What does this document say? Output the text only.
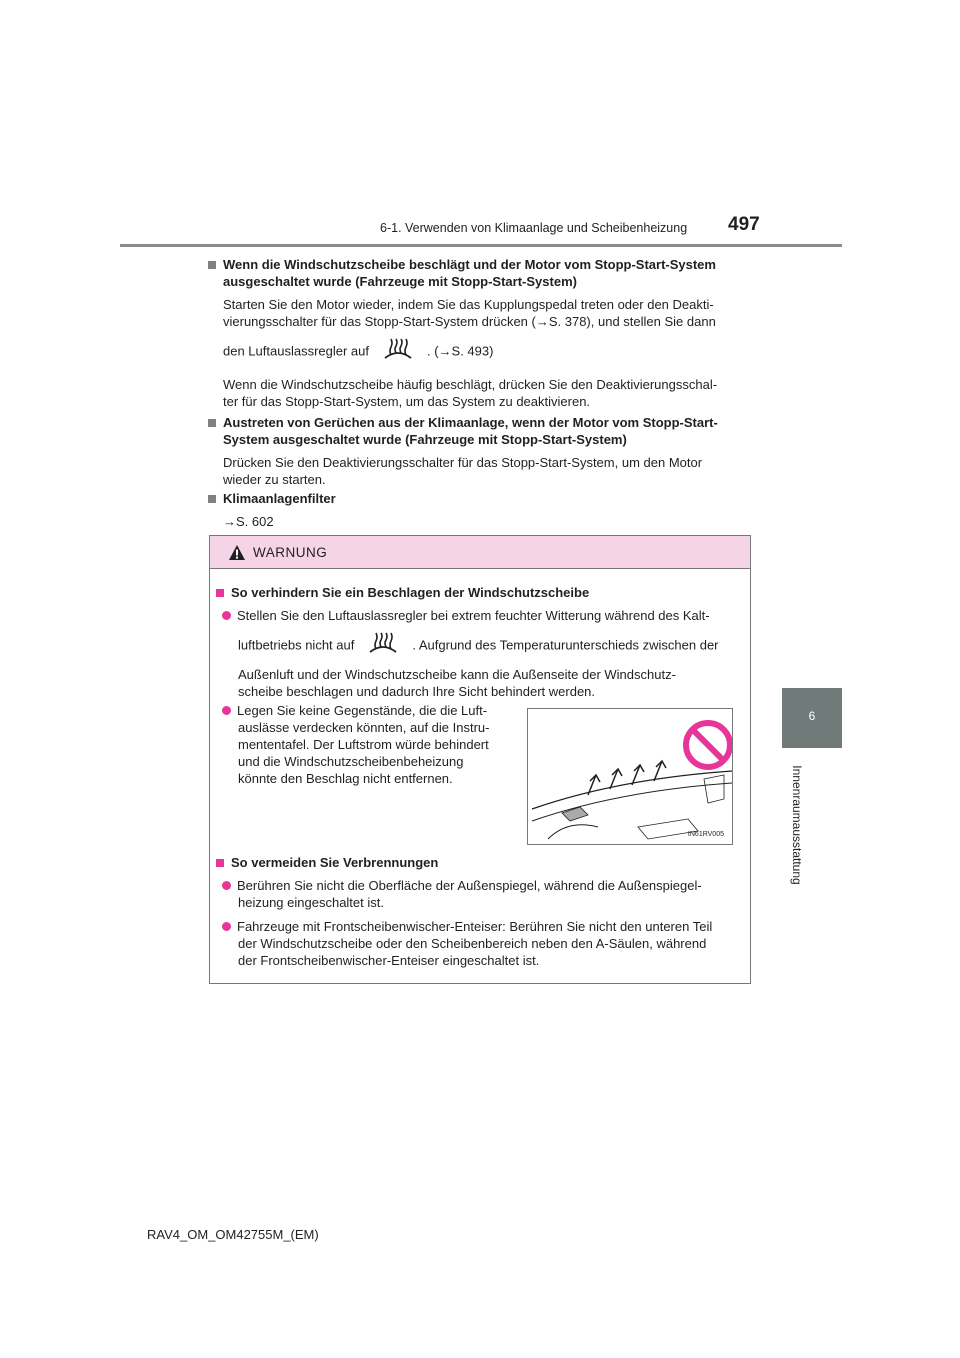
6-1. Verwenden von Klimaanlage und Scheibenheizung 497
6
Innenraumausstattung
Wenn die Windschutzscheibe beschlägt und der Motor vom Stopp-Start-System
ausgeschaltet wurde (Fahrzeuge mit Stopp-Start-System)
Starten Sie den Motor wieder, indem Sie das Kupplungspedal treten oder den Deakti-
vierungsschalter für das Stopp-Start-System drücken (→S. 378), und stellen Sie dann
den Luftauslassregler auf	. (→S. 493)
Wenn die Windschutzscheibe häufig beschlägt, drücken Sie den Deaktivierungsschal-
ter für das Stopp-Start-System, um das System zu deaktivieren.
Austreten von Gerüchen aus der Klimaanlage, wenn der Motor vom Stopp-Start-
System ausgeschaltet wurde (Fahrzeuge mit Stopp-Start-System)
Drücken Sie den Deaktivierungsschalter für das Stopp-Start-System, um den Motor
wieder zu starten.
Klimaanlagenfilter
→S. 602
WARNUNG
So verhindern Sie ein Beschlagen der Windschutzscheibe
Stellen Sie den Luftauslassregler bei extrem feuchter Witterung während des Kalt-
luftbetriebs nicht auf	. Aufgrund des Temperaturunterschieds zwischen der
Außenluft und der Windschutzscheibe kann die Außenseite der Windschutz-
scheibe beschlagen und dadurch Ihre Sicht behindert werden.
Legen Sie keine Gegenstände, die die Luft-
auslässe verdecken könnten, auf die Instru-
mententafel. Der Luftstrom würde behindert
und die Windschutzscheibenbeheizung
könnte den Beschlag nicht entfernen.
IN61RV005
So vermeiden Sie Verbrennungen
Berühren Sie nicht die Oberfläche der Außenspiegel, während die Außenspiegel-
heizung eingeschaltet ist.
Fahrzeuge mit Frontscheibenwischer-Enteiser: Berühren Sie nicht den unteren Teil
der Windschutzscheibe oder den Scheibenbereich neben den A-Säulen, während
der Frontscheibenwischer-Enteiser eingeschaltet ist.
RAV4_OM_OM42755M_(EM)
